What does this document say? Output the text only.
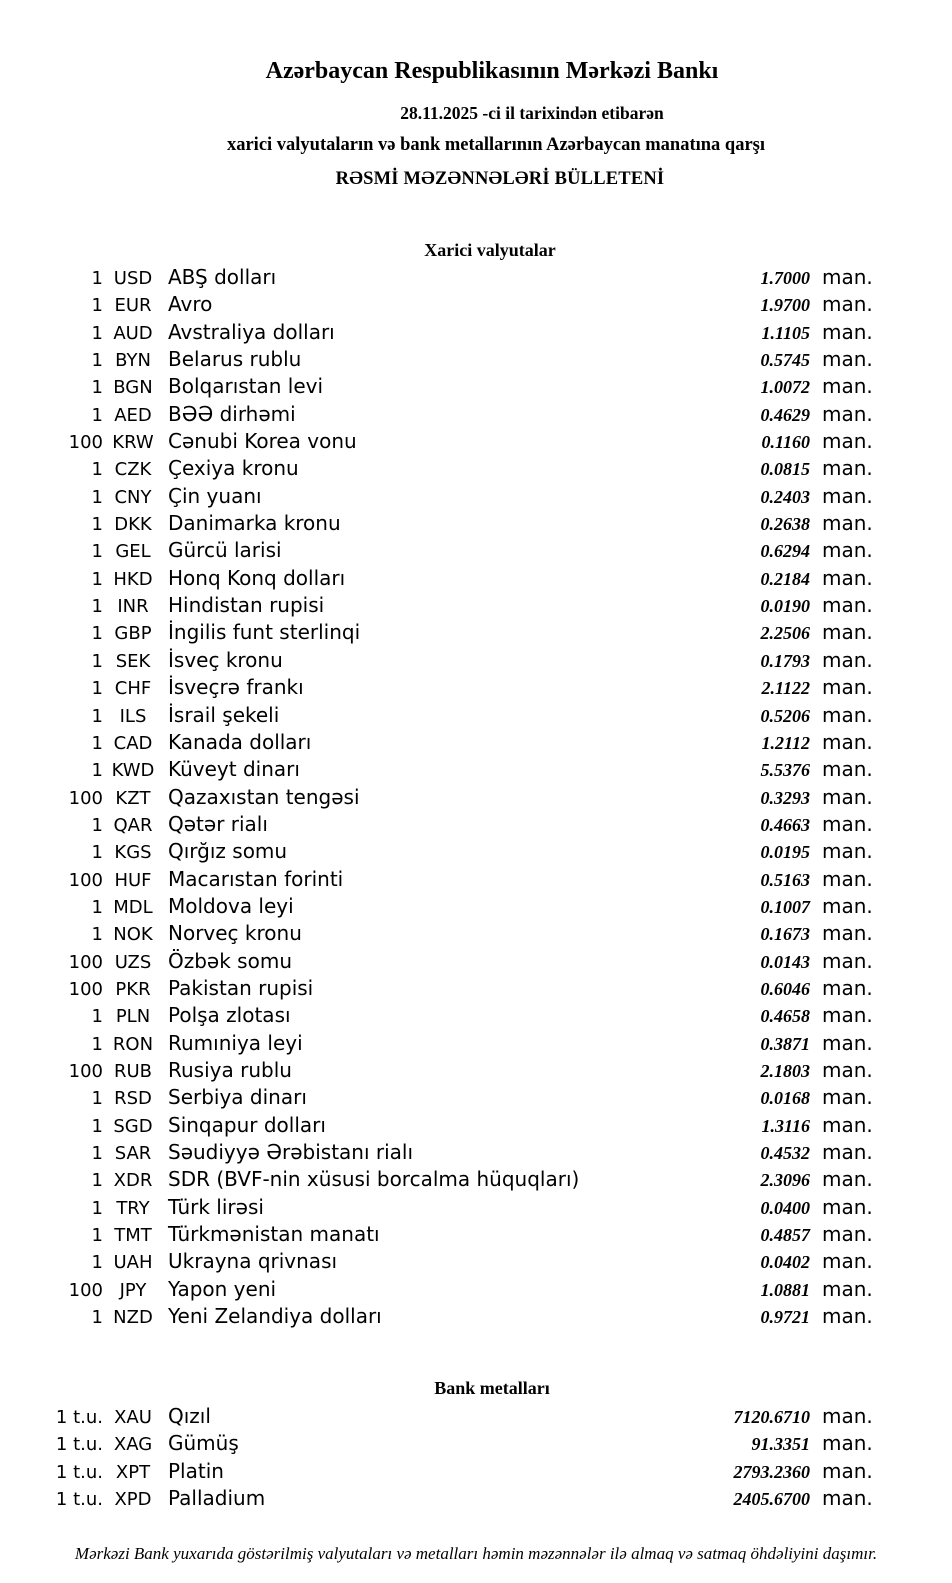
Azərbaycan Respublikasının Mərkəzi Bankı
28.11.2025 -ci il tarixindən etibarən
xarici valyutaların və bank metallarının Azərbaycan manatına qarşı
RƏSMİ MƏZƏNNƏLƏRİ BÜLLETENİ
Xarici valyutalar
1 USD ABŞ dolları	1.7000 man.
1 EUR Avro	1.9700 man.
1 AUD Avstraliya dolları	1.1105 man.
1 BYN Belarus rublu	0.5745 man.
1 BGN Bolqarıstan levi	1.0072 man.
1 AED BƏƏ dirhəmi	0.4629 man.
100 KRW Cənubi Korea vonu	0.1160 man.
1 CZK Çexiya kronu	0.0815 man.
1 CNY Çin yuanı	0.2403 man.
1 DKK Danimarka kronu	0.2638 man.
1 GEL Gürcü larisi	0.6294 man.
1 HKD Honq Konq dolları	0.2184 man.
1 INR Hindistan rupisi	0.0190 man.
1 GBP İngilis funt sterlinqi	2.2506 man.
1 SEK İsveç kronu	0.1793 man.
1 CHF İsveçrə frankı	2.1122 man.
1 ILS	İsrail şekeli	0.5206 man.
1 CAD Kanada dolları	1.2112 man.
1 KWD Küveyt dinarı	5.5376 man.
100 KZT Qazaxıstan tengəsi	0.3293 man.
1 QAR Qətər rialı	0.4663 man.
1 KGS Qırğız somu	0.0195 man.
100 HUF Macarıstan forinti	0.5163 man.
1 MDL Moldova leyi	0.1007 man.
1 NOK Norveç kronu	0.1673 man.
100 UZS Özbək somu	0.0143 man.
100 PKR Pakistan rupisi	0.6046 man.
1 PLN Polşa zlotası	0.4658 man.
1 RON Rumıniya leyi	0.3871 man.
100 RUB Rusiya rublu	2.1803 man.
1 RSD Serbiya dinarı	0.0168 man.
1 SGD Sinqapur dolları	1.3116 man.
1 SAR Səudiyyə Ərəbistanı rialı	0.4532 man.
1 XDR SDR (BVF-nin xüsusi borcalma hüquqları)	2.3096 man.
1 TRY Türk lirəsi	0.0400 man.
1 TMT Türkmənistan manatı	0.4857 man.
1 UAH Ukrayna qrivnası	0.0402 man.
100 JPY	Yapon yeni	1.0881 man.
1 NZD Yeni Zelandiya dolları	0.9721 man.
Bank metalları
1 t.u. XAU Qızıl	7120.6710 man.
1 t.u. XAG Gümüş	91.3351 man.
1 t.u. XPT Platin	2793.2360 man.
1 t.u. XPD Palladium	2405.6700 man.
Mərkəzi Bank yuxarıda göstərilmiş valyutaları və metalları həmin məzənnələr ilə almaq və satmaq öhdəliyini daşımır.
